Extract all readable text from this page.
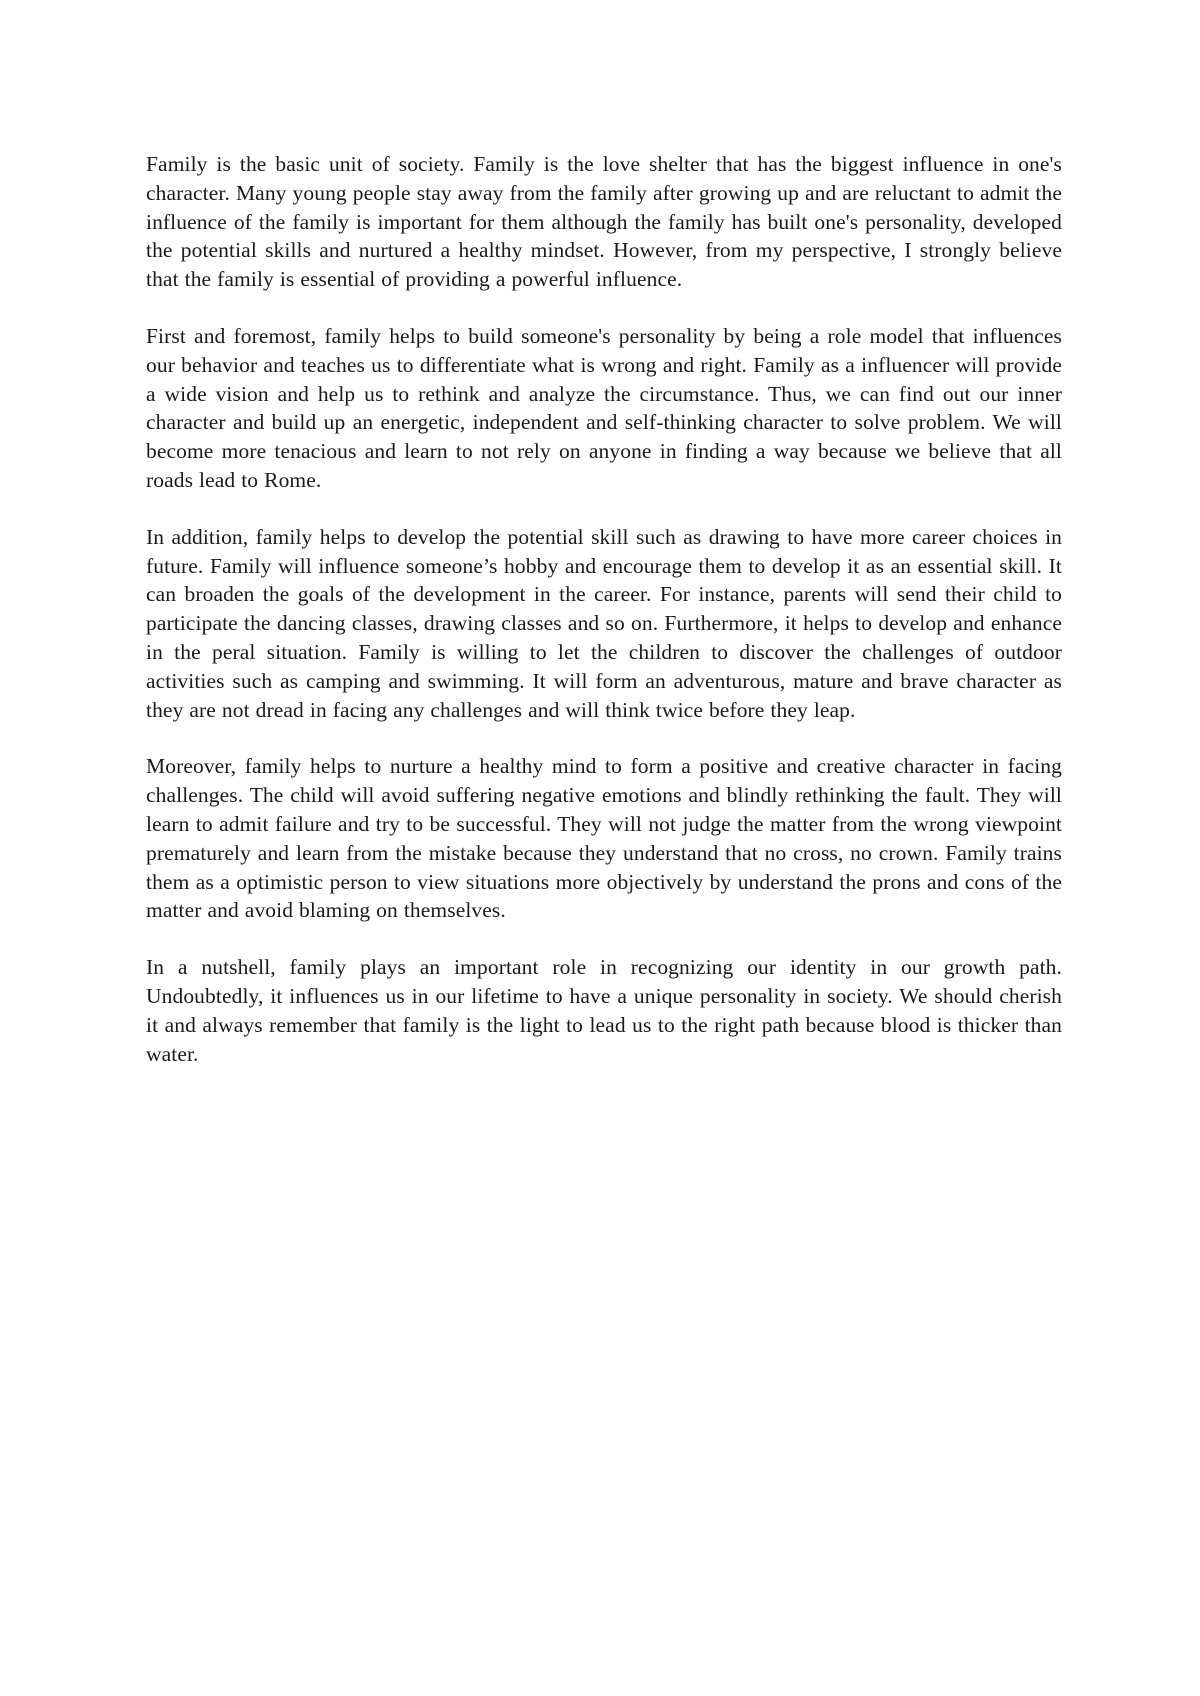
Family is the basic unit of society. Family is the love shelter that has the biggest influence in one's character. Many young people stay away from the family after growing up and are reluctant to admit the influence of the family is important for them although the family has built one's personality, developed the potential skills and nurtured a healthy mindset. However, from my perspective, I strongly believe that the family is essential of providing a powerful influence.

First and foremost, family helps to build someone's personality by being a role model that influences our behavior and teaches us to differentiate what is wrong and right. Family as a influencer will provide a wide vision and help us to rethink and analyze the circumstance. Thus, we can find out our inner character and build up an energetic, independent and self-thinking character to solve problem. We will become more tenacious and learn to not rely on anyone in finding a way because we believe that all roads lead to Rome.

In addition, family helps to develop the potential skill such as drawing to have more career choices in future. Family will influence someone’s hobby and encourage them to develop it as an essential skill. It can broaden the goals of the development in the career. For instance, parents will send their child to participate the dancing classes, drawing classes and so on. Furthermore, it helps to develop and enhance in the peral situation. Family is willing to let the children to discover the challenges of outdoor activities such as camping and swimming. It will form an adventurous, mature and brave character as they are not dread in facing any challenges and will think twice before they leap.

Moreover, family helps to nurture a healthy mind to form a positive and creative character in facing challenges. The child will avoid suffering negative emotions and blindly rethinking the fault. They will learn to admit failure and try to be successful. They will not judge the matter from the wrong viewpoint prematurely and learn from the mistake because they understand that no cross, no crown. Family trains them as a optimistic person to view situations more objectively by understand the prons and cons of the matter and avoid blaming on themselves.

In a nutshell, family plays an important role in recognizing our identity in our growth path. Undoubtedly, it influences us in our lifetime to have a unique personality in society. We should cherish it and always remember that family is the light to lead us to the right path because blood is thicker than water.
